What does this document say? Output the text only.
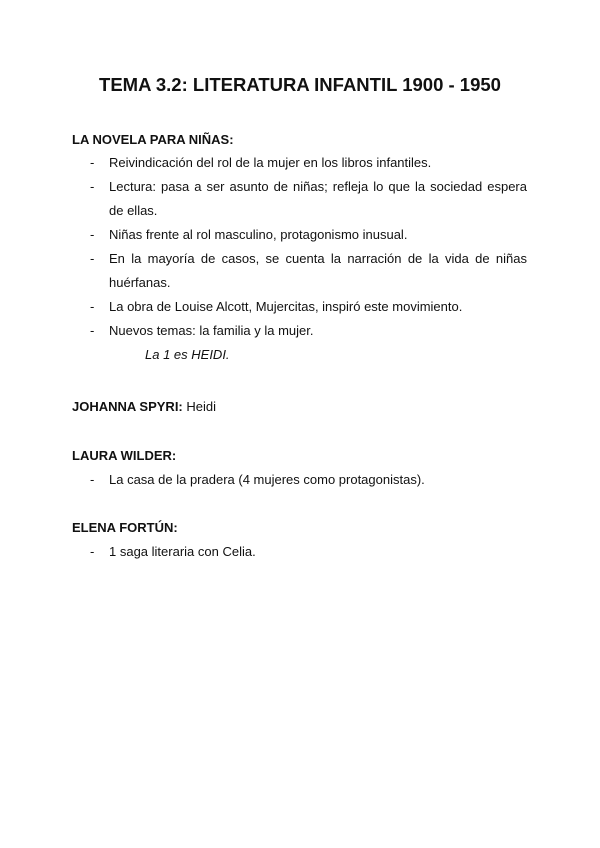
TEMA 3.2: LITERATURA INFANTIL 1900 - 1950
LA NOVELA PARA NIÑAS:
- Reivindicación del rol de la mujer en los libros infantiles.
- Lectura: pasa a ser asunto de niñas; refleja lo que la sociedad espera de ellas.
- Niñas frente al rol masculino, protagonismo inusual.
- En la mayoría de casos, se cuenta la narración de la vida de niñas huérfanas.
- La obra de Louise Alcott, Mujercitas, inspiró este movimiento.
- Nuevos temas: la familia y la mujer.
La 1 es HEIDI.
JOHANNA SPYRI: Heidi
LAURA WILDER:
- La casa de la pradera (4 mujeres como protagonistas).
ELENA FORTÚN:
- 1 saga literaria con Celia.
